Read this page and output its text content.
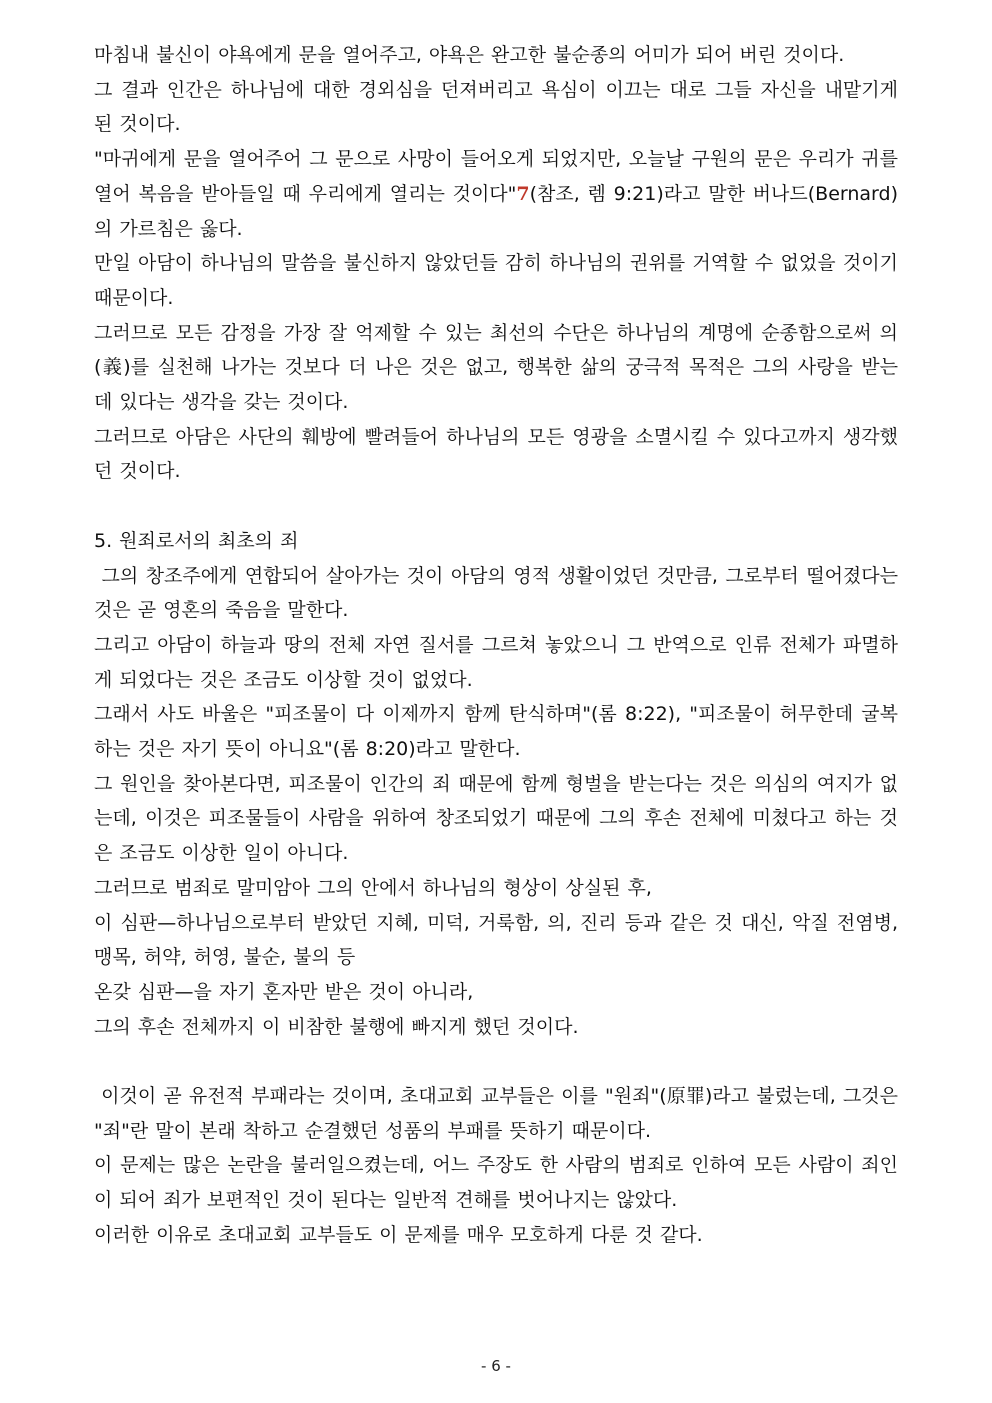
마침내 불신이 야욕에게 문을 열어주고, 야욕은 완고한 불순종의 어미가 되어 버린 것이다.

그 결과 인간은 하나님에 대한 경외심을 던져버리고 욕심이 이끄는 대로 그들 자신을 내맡기게 된 것이다.

"마귀에게 문을 열어주어 그 문으로 사망이 들어오게 되었지만, 오늘날 구원의 문은 우리가 귀를 열어 복음을 받아들일 때 우리에게 열리는 것이다"7(참조, 렘 9:21)라고 말한 버나드(Bernard)의 가르침은 옳다.

만일 아담이 하나님의 말씀을 불신하지 않았던들 감히 하나님의 권위를 거역할 수 없었을 것이기 때문이다.

그러므로 모든 감정을 가장 잘 억제할 수 있는 최선의 수단은 하나님의 계명에 순종함으로써 의(義)를 실천해 나가는 것보다 더 나은 것은 없고, 행복한 삶의 궁극적 목적은 그의 사랑을 받는 데 있다는 생각을 갖는 것이다.

그러므로 아담은 사단의 훼방에 빨려들어 하나님의 모든 영광을 소멸시킬 수 있다고까지 생각했던 것이다.

5. 원죄로서의 최초의 죄

그의 창조주에게 연합되어 살아가는 것이 아담의 영적 생활이었던 것만큼, 그로부터 떨어졌다는 것은 곧 영혼의 죽음을 말한다.

그리고 아담이 하늘과 땅의 전체 자연 질서를 그르쳐 놓았으니 그 반역으로 인류 전체가 파멸하게 되었다는 것은 조금도 이상할 것이 없었다.

그래서 사도 바울은 "피조물이 다 이제까지 함께 탄식하며"(롬 8:22), "피조물이 허무한데 굴복하는 것은 자기 뜻이 아니요"(롬 8:20)라고 말한다.

그 원인을 찾아본다면, 피조물이 인간의 죄 때문에 함께 형벌을 받는다는 것은 의심의 여지가 없는데, 이것은 피조물들이 사람을 위하여 창조되었기 때문에 그의 후손 전체에 미쳤다고 하는 것은 조금도 이상한 일이 아니다.

그러므로 범죄로 말미암아 그의 안에서 하나님의 형상이 상실된 후,

이 심판—하나님으로부터 받았던 지혜, 미덕, 거룩함, 의, 진리 등과 같은 것 대신, 악질 전염병, 맹목, 허약, 허영, 불순, 불의 등

온갖 심판—을 자기 혼자만 받은 것이 아니라,

그의 후손 전체까지 이 비참한 불행에 빠지게 했던 것이다.

이것이 곧 유전적 부패라는 것이며, 초대교회 교부들은 이를 "원죄"(原罪)라고 불렀는데, 그것은 "죄"란 말이 본래 착하고 순결했던 성품의 부패를 뜻하기 때문이다.

이 문제는 많은 논란을 불러일으켰는데, 어느 주장도 한 사람의 범죄로 인하여 모든 사람이 죄인이 되어 죄가 보편적인 것이 된다는 일반적 견해를 벗어나지는 않았다.

이러한 이유로 초대교회 교부들도 이 문제를 매우 모호하게 다룬 것 같다.

- 6 -
